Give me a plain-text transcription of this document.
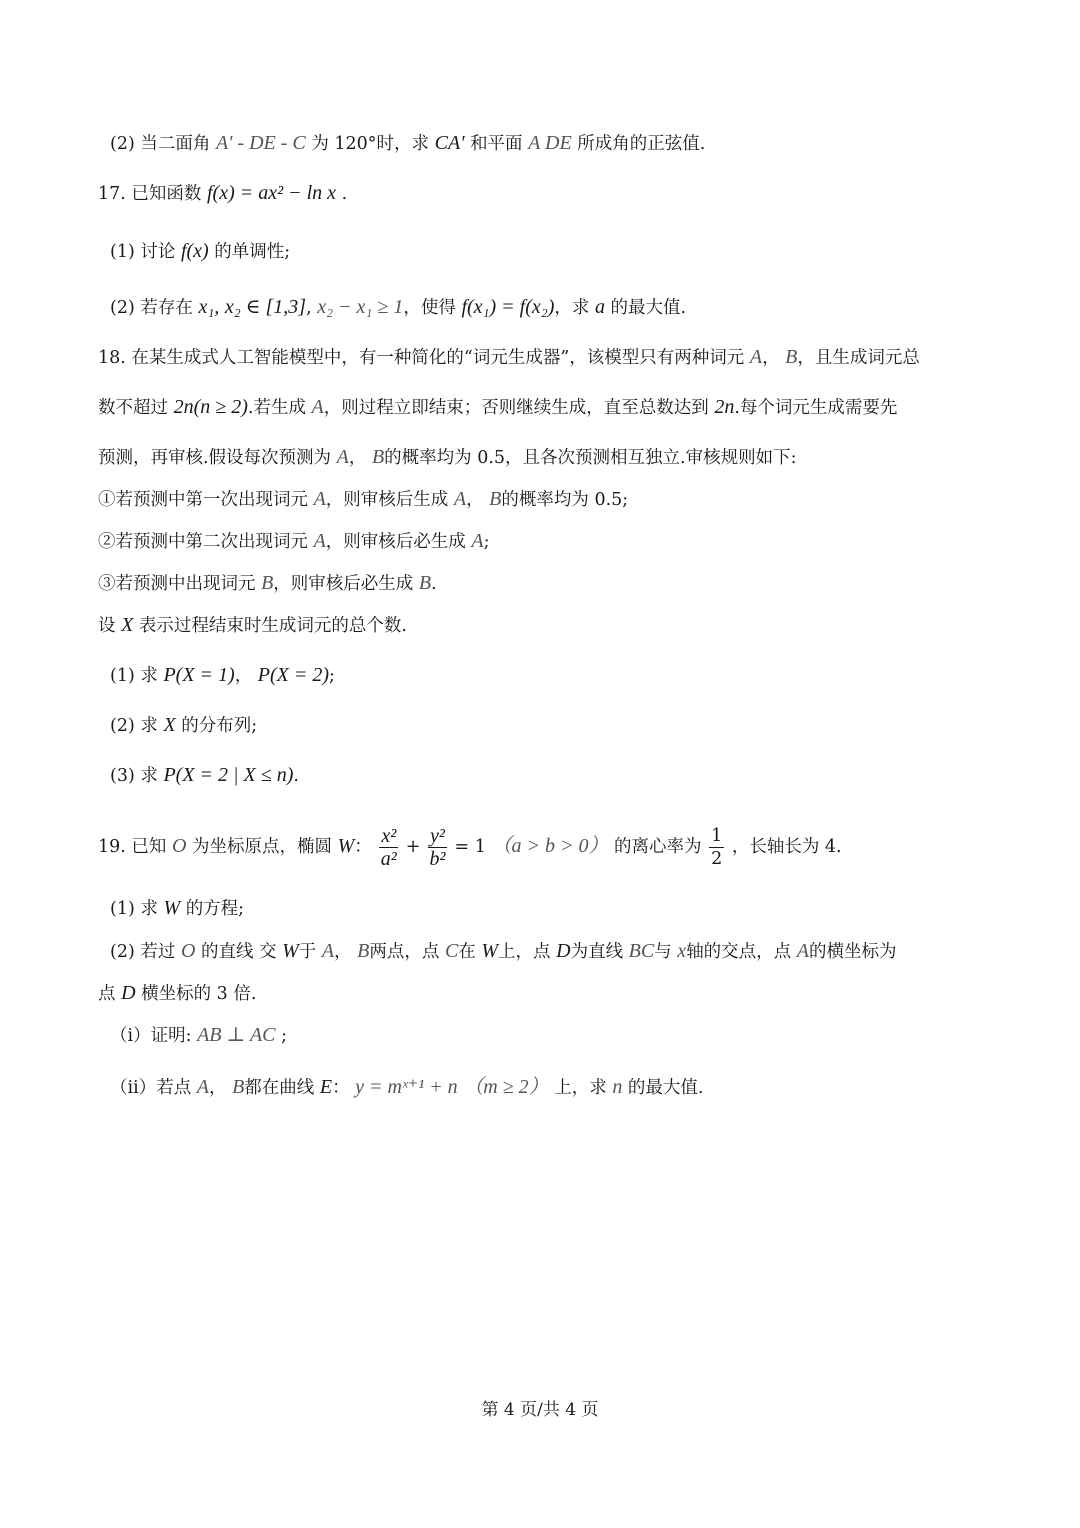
(2) 当二面角 A' - DE - C 为 120°时，求 CA' 和平面 A DE 所成角的正弦值.
17. 已知函数 f(x) = ax² − ln x .
(1) 讨论 f(x) 的单调性;
(2) 若存在 x₁, x₂ ∈ [1,3], x₂ − x₁ ≥ 1，使得 f(x₁) = f(x₂)，求 a 的最大值.
18. 在某生成式人工智能模型中，有一种简化的“词元生成器”，该模型只有两种词元 A， B，且生成词元总
数不超过 2n(n ≥ 2).若生成 A，则过程立即结束；否则继续生成，直至总数达到 2n.每个词元生成需要先
预测，再审核.假设每次预测为 A， B的概率均为 0.5，且各次预测相互独立.审核规则如下:
①若预测中第一次出现词元 A，则审核后生成 A， B的概率均为 0.5;
②若预测中第二次出现词元 A，则审核后必生成 A;
③若预测中出现词元 B，则审核后必生成 B.
设 X 表示过程结束时生成词元的总个数.
(1) 求 P(X = 1)， P(X = 2);
(2) 求 X 的分布列;
(3) 求 P(X = 2 | X ≤ n).
19. 已知 O 为坐标原点，椭圆 W： $\frac{\text{x²}}{\text{a²}} + \frac{\text{y²}}{\text{b²}} = 1$ （a > b > 0） 的离心率为 $\frac{1}{2}$ ，长轴长为 4.
(1) 求 W 的方程;
(2) 若过 O 的直线 交 W于 A， B两点，点 C在 W上，点 D为直线 BC与 x轴的交点，点 A的横坐标为
点 D 横坐标的 3 倍.
（ⅰ）证明: AB ⊥ AC ;
（ⅱ）若点 A， B都在曲线 E： y = mˣ⁺¹ + n （m ≥ 2） 上，求 n 的最大值.
第 4 页/共 4 页
